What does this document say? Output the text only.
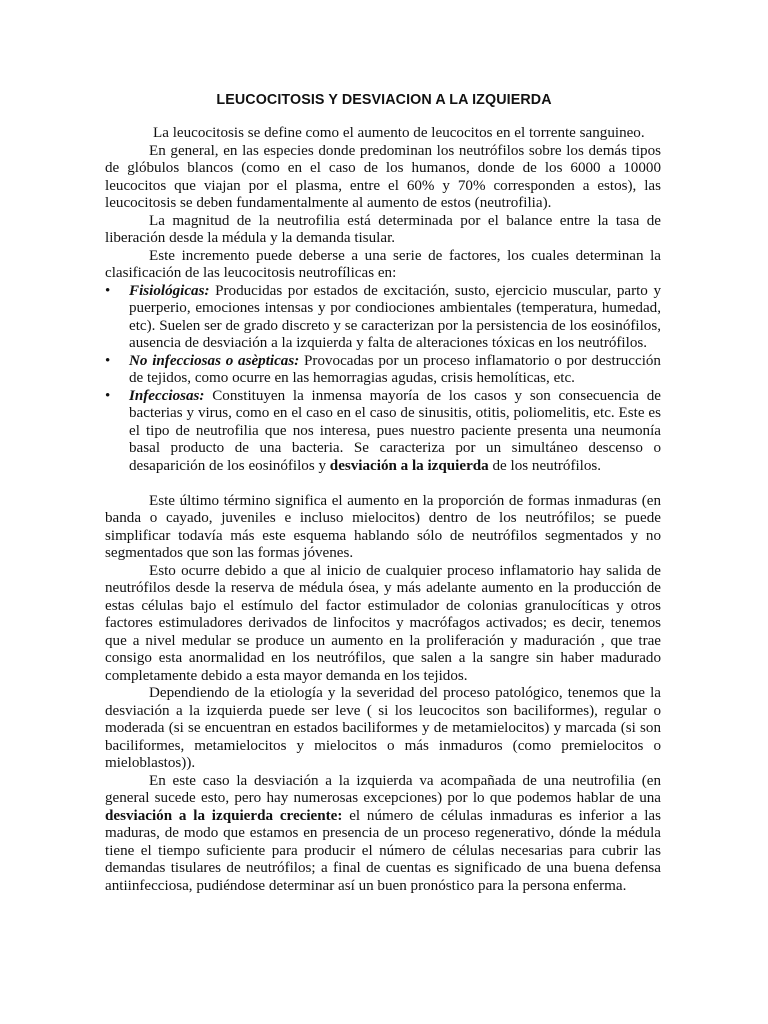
LEUCOCITOSIS Y DESVIACION A LA IZQUIERDA

La leucocitosis se define como el aumento de leucocitos en el torrente sanguineo.

En general, en las especies donde predominan los neutrófilos sobre los demás tipos de glóbulos blancos (como en el caso de los humanos, donde de los 6000 a 10000 leucocitos que viajan por el plasma, entre el 60% y 70% corresponden a estos), las leucocitosis se deben fundamentalmente al aumento de estos (neutrofilia).

La magnitud de la neutrofilia está determinada por el balance entre la tasa de liberación desde la médula y la demanda tisular.

Este incremento puede deberse a una serie de factores, los cuales determinan la clasificación de las leucocitosis neutrofílicas en:

•	Fisiológicas: Producidas por estados de excitación, susto, ejercicio muscular, parto y puerperio, emociones intensas y por condiociones ambientales (temperatura, humedad, etc). Suelen ser de grado discreto y se caracterizan por la persistencia de los eosinófilos, ausencia de desviación a la izquierda y falta de alteraciones tóxicas en los neutrófilos.
•	No infecciosas o asèpticas: Provocadas por un proceso inflamatorio o por destrucción de tejidos, como ocurre en las hemorragias agudas, crisis hemolíticas, etc.
•	Infecciosas: Constituyen la inmensa mayoría de los casos y son consecuencia de bacterias y virus, como en el caso en el caso de sinusitis, otitis, poliomelitis, etc. Este es el tipo de neutrofilia que nos interesa, pues nuestro paciente presenta una neumonía basal producto de una bacteria. Se caracteriza por un simultáneo descenso o desaparición de los eosinófilos y desviación a la izquierda de los neutrófilos.

Este último término significa el aumento en la proporción de formas inmaduras (en banda o cayado, juveniles e incluso mielocitos) dentro de los neutrófilos; se puede simplificar todavía más este esquema hablando sólo de neutrófilos segmentados y no segmentados que son las formas jóvenes.

Esto ocurre debido a que al inicio de cualquier proceso inflamatorio hay salida de neutrófilos desde la reserva de médula ósea, y más adelante aumento en la producción de estas células bajo el estímulo del factor estimulador de colonias granulocíticas y otros factores estimuladores derivados de linfocitos y macrófagos activados; es decir, tenemos que a nivel medular se produce un aumento en la proliferación y maduración , que trae consigo esta anormalidad en los neutrófilos, que salen a la sangre sin haber madurado completamente debido a esta mayor demanda en los tejidos.

Dependiendo de la etiología y la severidad del proceso patológico, tenemos que la desviación a la izquierda puede ser leve ( si los leucocitos son baciliformes), regular o moderada (si se encuentran en estados baciliformes y de metamielocitos) y marcada (si son baciliformes, metamielocitos y mielocitos o más inmaduros (como premielocitos o mieloblastos)).

En este caso la desviación a la izquierda va acompañada de una neutrofilia (en general sucede esto, pero hay numerosas excepciones) por lo que podemos hablar de una desviación a la izquierda creciente: el número de células inmaduras es inferior a las maduras, de modo que estamos en presencia de un proceso regenerativo, dónde la médula tiene el tiempo suficiente para producir el número de células necesarias para cubrir las demandas tisulares de neutrófilos; a final de cuentas es significado de una buena defensa antiinfecciosa, pudiéndose determinar así un buen pronóstico para la persona enferma.
